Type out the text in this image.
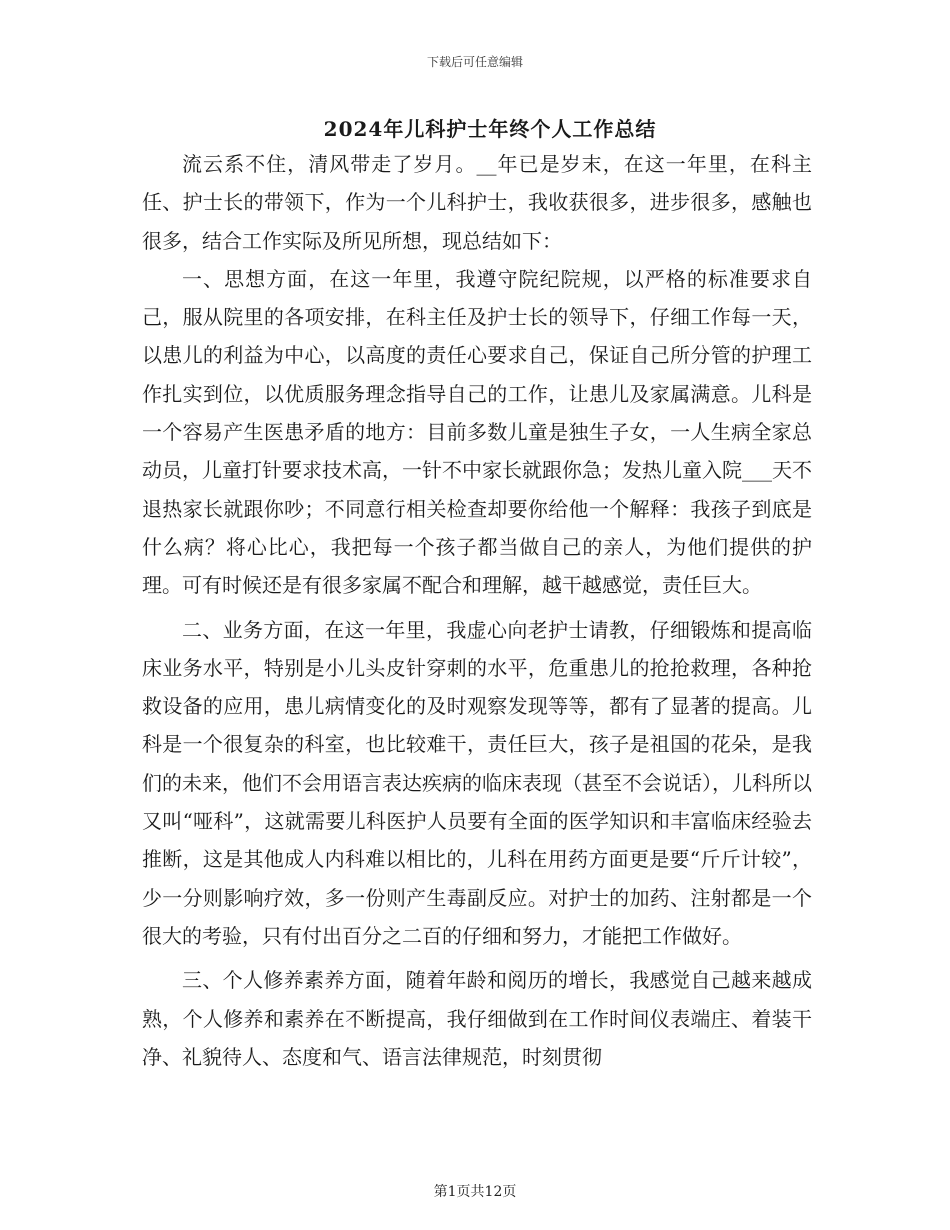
下载后可任意编辑
2024年儿科护士年终个人工作总结

流云系不住，清风带走了岁月。__年已是岁末，在这一年里，在科主任、护士长的带领下，作为一个儿科护士，我收获很多，进步很多，感触也很多，结合工作实际及所见所想，现总结如下：

一、思想方面，在这一年里，我遵守院纪院规，以严格的标准要求自己，服从院里的各项安排，在科主任及护士长的领导下，仔细工作每一天，以患儿的利益为中心，以高度的责任心要求自己，保证自己所分管的护理工作扎实到位，以优质服务理念指导自己的工作，让患儿及家属满意。儿科是一个容易产生医患矛盾的地方：目前多数儿童是独生子女，一人生病全家总动员，儿童打针要求技术高，一针不中家长就跟你急；发热儿童入院___天不退热家长就跟你吵；不同意行相关检查却要你给他一个解释：我孩子到底是什么病？将心比心，我把每一个孩子都当做自己的亲人，为他们提供的护理。可有时候还是有很多家属不配合和理解，越干越感觉，责任巨大。

二、业务方面，在这一年里，我虚心向老护士请教，仔细锻炼和提高临床业务水平，特别是小儿头皮针穿刺的水平，危重患儿的抢抢救理，各种抢救设备的应用，患儿病情变化的及时观察发现等等，都有了显著的提高。儿科是一个很复杂的科室，也比较难干，责任巨大，孩子是祖国的花朵，是我们的未来，他们不会用语言表达疾病的临床表现（甚至不会说话），儿科所以又叫“哑科”，这就需要儿科医护人员要有全面的医学知识和丰富临床经验去推断，这是其他成人内科难以相比的，儿科在用药方面更是要“斤斤计较”，少一分则影响疗效，多一份则产生毒副反应。对护士的加药、注射都是一个很大的考验，只有付出百分之二百的仔细和努力，才能把工作做好。

三、个人修养素养方面，随着年龄和阅历的增长，我感觉自己越来越成熟，个人修养和素养在不断提高，我仔细做到在工作时间仪表端庄、着装干净、礼貌待人、态度和气、语言法律规范，时刻贯彻

第1页共12页
